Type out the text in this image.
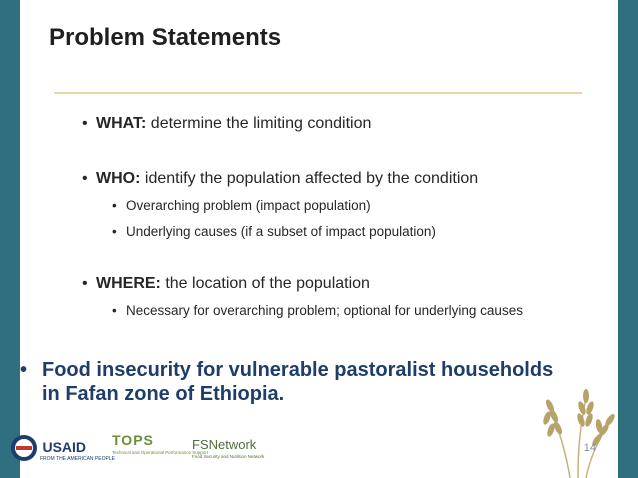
Problem Statements
• WHAT: determine the limiting condition
• WHO: identify the population affected by the condition
• Overarching problem (impact population)
• Underlying causes (if a subset of impact population)
• WHERE: the location of the population
• Necessary for overarching problem; optional for underlying causes
• Food insecurity for vulnerable pastoralist households
in Fafan zone of Ethiopia.
14
USAID
FROM THE AMERICAN PEOPLE
TOPS
Technical and Operational Performance Support
FSNetwork
Food Security and Nutrition Network
